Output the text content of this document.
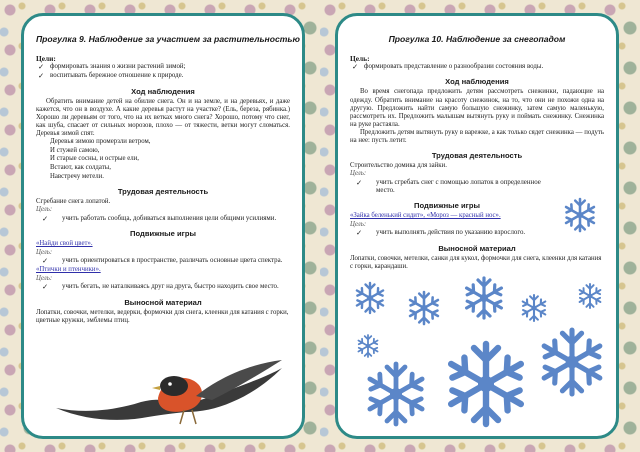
Прогулка 9. Наблюдение за участием за растительностью

Цели:

✓ формировать знания о жизни растений зимой;

✓ воспитывать бережное отношение к природе.

Ход наблюдения

Обратить внимание детей на обилие снега. Он и на земле, и на деревьях, и даже кажется, что он в воздухе. А какие деревья растут на участке? (Ель, береза, рябинка.) Хорошо ли деревьям от того, что на их ветках много снега? Хорошо, потому что снег, как шуба, спасает от сильных морозов, плохо — от тяжести, ветки могут сломаться. Деревья зимой спят.

Деревья зимою промерзли ветром,

И стужей самою,

И старые сосны, и острые ели,

Встают, как солдаты,

Навстречу метели.

Трудовая деятельность

Сгребание снега лопатой.

Цель:

✓ учить работать сообща, добиваться выполнения цели общими усилиями.

Подвижные игры

«Найди свой цвет».

Цель:

✓ учить ориентироваться в пространстве, различать основные цвета спектра.

«Птички и птенчики».

Цель:

✓ учить бегать, не наталкиваясь друг на друга, быстро находить свое место.

Выносной материал

Лопатки, совочки, метелки, ведерки, формочки для снега, клеенки для катания с горки, цветные кружки, эмблемы птиц.

Прогулка 10. Наблюдение за снегопадом

Цель:

✓ формировать представление о разнообразии состояния воды.

Ход наблюдения

Во время снегопада предложить детям рассмотреть снежинки, падающие на одежду. Обратить внимание на красоту снежинок, на то, что они не похожи одна на другую. Предложить найти самую большую снежинку, затем самую маленькую, рассмотреть их. Предложить малышам вытянуть руку и поймать снежинку. Снежинка на руке растаяла.

Предложить детям вытянуть руку в варежке, а как только сядет снежинка — подуть на нее: пусть летит.

Трудовая деятельность

Строительство домика для зайки.

Цель:

✓ учить сгребать снег с помощью лопаток в определенное место.

Подвижные игры

«Зайка беленький сидит», «Мороз — красный нос».

Цель:

✓ учить выполнять действия по указанию взрослого.

Выносной материал

Лопатки, совочки, метелки, санки для кукол, формочки для снега, клеенки для катания с горки, карандаши.
